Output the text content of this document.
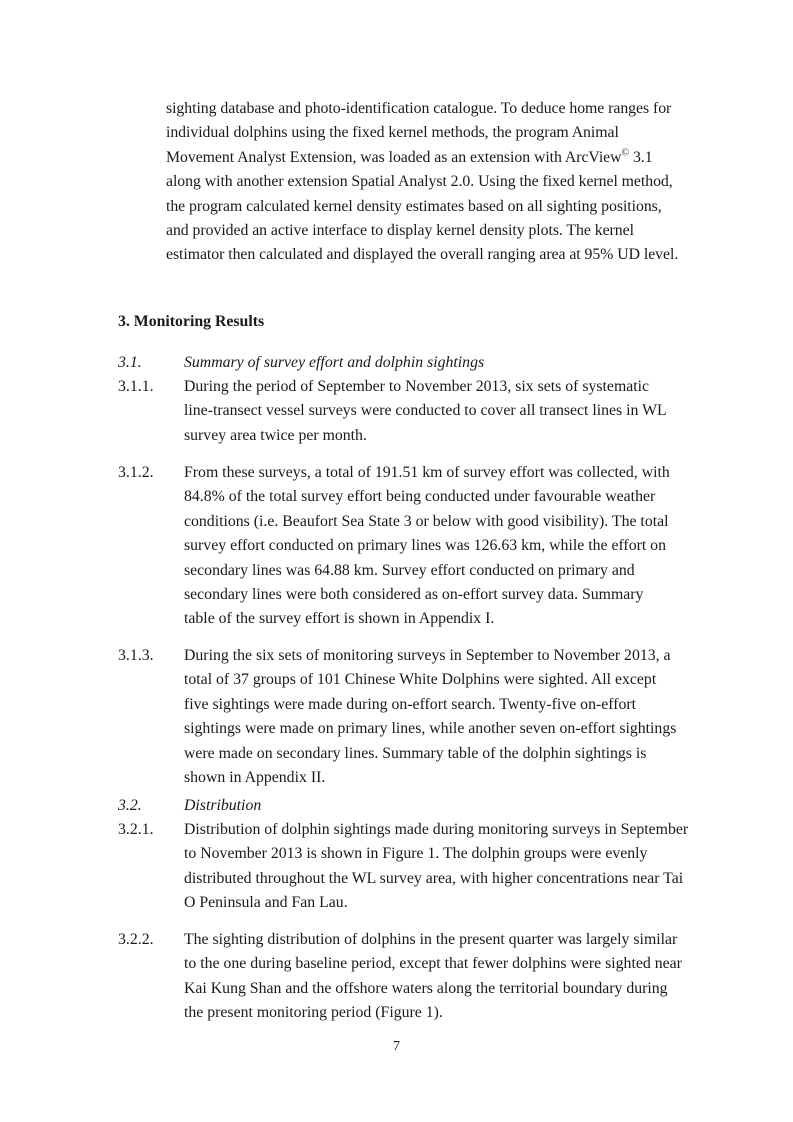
sighting database and photo-identification catalogue. To deduce home ranges for
individual dolphins using the fixed kernel methods, the program Animal
Movement Analyst Extension, was loaded as an extension with ArcView© 3.1
along with another extension Spatial Analyst 2.0. Using the fixed kernel method,
the program calculated kernel density estimates based on all sighting positions,
and provided an active interface to display kernel density plots. The kernel
estimator then calculated and displayed the overall ranging area at 95% UD level.
3. Monitoring Results
3.1.	Summary of survey effort and dolphin sightings
3.1.1. During the period of September to November 2013, six sets of systematic
line-transect vessel surveys were conducted to cover all transect lines in WL
survey area twice per month.
3.1.2. From these surveys, a total of 191.51 km of survey effort was collected, with
84.8% of the total survey effort being conducted under favourable weather
conditions (i.e. Beaufort Sea State 3 or below with good visibility). The total
survey effort conducted on primary lines was 126.63 km, while the effort on
secondary lines was 64.88 km. Survey effort conducted on primary and
secondary lines were both considered as on-effort survey data. Summary
table of the survey effort is shown in Appendix I.
3.1.3. During the six sets of monitoring surveys in September to November 2013, a
total of 37 groups of 101 Chinese White Dolphins were sighted. All except
five sightings were made during on-effort search. Twenty-five on-effort
sightings were made on primary lines, while another seven on-effort sightings
were made on secondary lines. Summary table of the dolphin sightings is
shown in Appendix II.
3.2.	Distribution
3.2.1. Distribution of dolphin sightings made during monitoring surveys in September
to November 2013 is shown in Figure 1. The dolphin groups were evenly
distributed throughout the WL survey area, with higher concentrations near Tai
O Peninsula and Fan Lau.
3.2.2. The sighting distribution of dolphins in the present quarter was largely similar
to the one during baseline period, except that fewer dolphins were sighted near
Kai Kung Shan and the offshore waters along the territorial boundary during
the present monitoring period (Figure 1).
7
